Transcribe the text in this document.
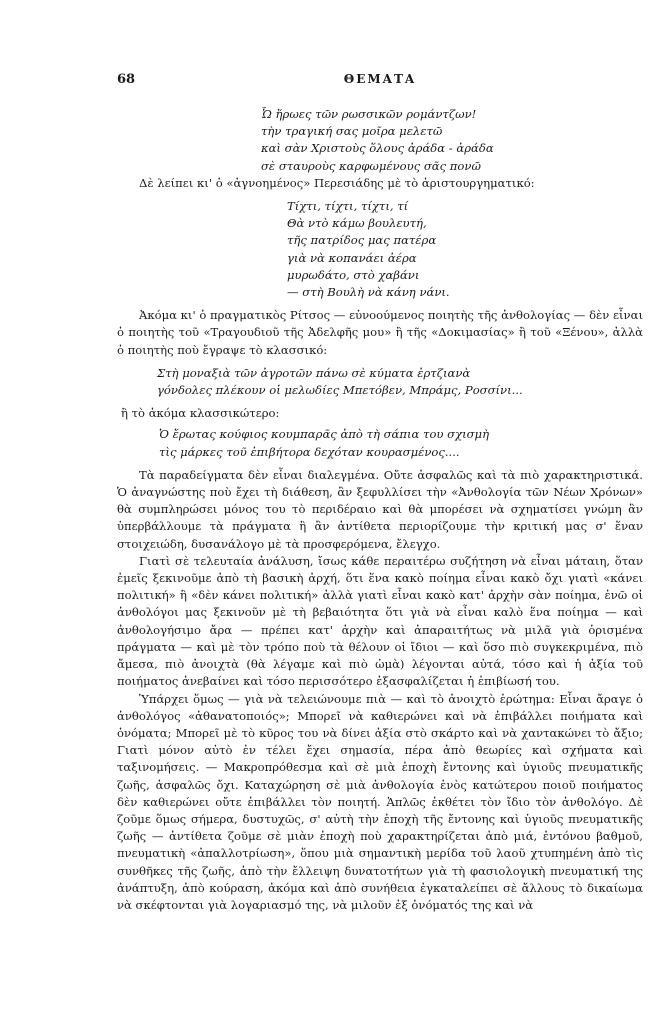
68	ΘΕΜΑΤΑ
Ὦ ἥρωες τῶν ρωσσικῶν ρομάντζων!
τὴν τραγική σας μοῖρα μελετῶ
καὶ σὰν Χριστοὺς ὅλους ἀράδα - ἀράδα
σὲ σταυροὺς καρφωμένους σᾶς πονῶ

Δὲ λείπει κι' ὁ «ἀγνοημένος» Περεσιάδης μὲ τὸ ἀριστουργηματικό:

Τίχτι, τίχτι, τίχτι, τί
Θὰ ντὸ κάμω βουλευτή,
τῆς πατρίδος μας πατέρα
γιὰ νὰ κοπανάει ἀέρα
μυρωδάτο, στὸ χαβάνι
— στὴ Βουλὴ νὰ κάνη νάνι.

Ἀκόμα κι' ὁ πραγματικὸς Ρίτσος — εὐνοούμενος ποιητὴς τῆς ἀνθολογίας — δὲν εἶναι ὁ ποιητὴς τοῦ «Τραγουδιοῦ τῆς Ἀδελφῆς μου» ἢ τῆς «Δοκιμασίας» ἢ τοῦ «Ξένου», ἀλλὰ ὁ ποιητὴς ποὺ ἔγραψε τὸ κλασσικό:

Στὴ μοναξιὰ τῶν ἀγροτῶν πάνω σὲ κύματα ἐρτζιανὰ
γόνδολες πλέκουν οἱ μελωδίες Μπετόβεν, Μπράμς, Ροσσίνι...

ἢ τὸ ἀκόμα κλασσικώτερο:

Ὁ ἔρωτας κούφιος κουμπαρᾶς ἀπὸ τὴ σάπια του σχισμὴ
τὶς μάρκες τοῦ ἐπιβήτορα δεχόταν κουρασμένος....

Τὰ παραδείγματα δὲν εἶναι διαλεγμένα. Οὔτε ἀσφαλῶς καὶ τὰ πιὸ χαρακτηριστικά. Ὁ ἀναγνώστης ποὺ ἔχει τὴ διάθεση, ἂν ξεφυλλίσει τὴν «Ἀνθολογία τῶν Νέων Χρόνων» θὰ συμπληρώσει μόνος του τὸ περιδέραιο καὶ θὰ μπορέσει νὰ σχηματίσει γνώμη ἂν ὑπερβάλλουμε τὰ πράγματα ἢ ἂν ἀντίθετα περιορίζουμε τὴν κριτική μας σ' ἕναν στοιχειώδη, δυσανάλογο μὲ τὰ προσφερόμενα, ἔλεγχο.

Γιατὶ σὲ τελευταία ἀνάλυση, ἴσως κάθε περαιτέρω συζήτηση νὰ εἶναι μάταιη, ὅταν ἐμεῖς ξεκινοῦμε ἀπὸ τὴ βασικὴ ἀρχή, ὅτι ἕνα κακὸ ποίημα εἶναι κακὸ ὄχι γιατὶ «κάνει πολιτική» ἢ «δὲν κάνει πολιτική» ἀλλὰ γιατὶ εἶναι κακὸ κατ' ἀρχὴν σὰν ποίημα, ἐνῶ οἱ ἀνθολόγοι μας ξεκινοῦν μὲ τὴ βεβαιότητα ὅτι γιὰ νὰ εἶναι καλὸ ἕνα ποίημα — καὶ ἀνθολογήσιμο ἄρα — πρέπει κατ' ἀρχὴν καὶ ἀπαραιτήτως νὰ μιλᾶ γιὰ ὁρισμένα πράγματα — καὶ μὲ τὸν τρόπο ποὺ τὰ θέλουν οἱ ἴδιοι — καὶ ὅσο πιὸ συγκεκριμένα, πιὸ ἄμεσα, πιὸ ἀνοιχτὰ (θὰ λέγαμε καὶ πιὸ ὠμὰ) λέγονται αὐτά, τόσο καὶ ἡ ἀξία τοῦ ποιήματος ἀνεβαίνει καὶ τόσο περισσότερο ἐξασφαλίζεται ἡ ἐπιβίωσή του.

Ὑπάρχει ὅμως — γιὰ νὰ τελειώνουμε πιὰ — καὶ τὸ ἀνοιχτὸ ἐρώτημα: Εἶναι ἄραγε ὁ ἀνθολόγος «ἀθανατοποιός»; Μπορεῖ νὰ καθιερώνει καὶ νὰ ἐπιβάλλει ποιήματα καὶ ὀνόματα; Μπορεῖ μὲ τὸ κῦρος του νὰ δίνει ἀξία στὸ σκάρτο καὶ νὰ χαντακώνει τὸ ἄξιο; Γιατὶ μόνον αὐτὸ ἐν τέλει ἔχει σημασία, πέρα ἀπὸ θεωρίες καὶ σχήματα καὶ ταξινομήσεις. — Μακροπρόθεσμα καὶ σὲ μιὰ ἐποχὴ ἔντονης καὶ ὑγιοῦς πνευματικῆς ζωῆς, ἀσφαλῶς ὄχι. Καταχώρηση σὲ μιὰ ἀνθολογία ἑνὸς κατώτερου ποιοῦ ποιήματος δὲν καθιερώνει οὔτε ἐπιβάλλει τὸν ποιητή. Ἁπλῶς ἐκθέτει τὸν ἴδιο τὸν ἀνθολόγο. Δὲ ζοῦμε ὅμως σήμερα, δυστυχῶς, σ' αὐτὴ τὴν ἐποχὴ τῆς ἔντονης καὶ ὑγιοῦς πνευματικῆς ζωῆς — ἀντίθετα ζοῦμε σὲ μιὰν ἐποχὴ ποὺ χαρακτηρίζεται ἀπὸ μιά, ἐντόνου βαθμοῦ, πνευματικὴ «ἀπαλλοτρίωση», ὅπου μιὰ σημαντικὴ μερίδα τοῦ λαοῦ χτυπημένη ἀπὸ τὶς συνθῆκες τῆς ζωῆς, ἀπὸ τὴν ἔλλειψη δυνατοτήτων γιὰ τὴ φασιολογικὴ πνευματική της ἀνάπτυξη, ἀπὸ κούραση, ἀκόμα καὶ ἀπὸ συνήθεια ἐγκαταλείπει σὲ ἄλλους τὸ δικαίωμα νὰ σκέφτονται γιὰ λογαριασμό της, νὰ μιλοῦν ἐξ ὀνόματός της καὶ νὰ
